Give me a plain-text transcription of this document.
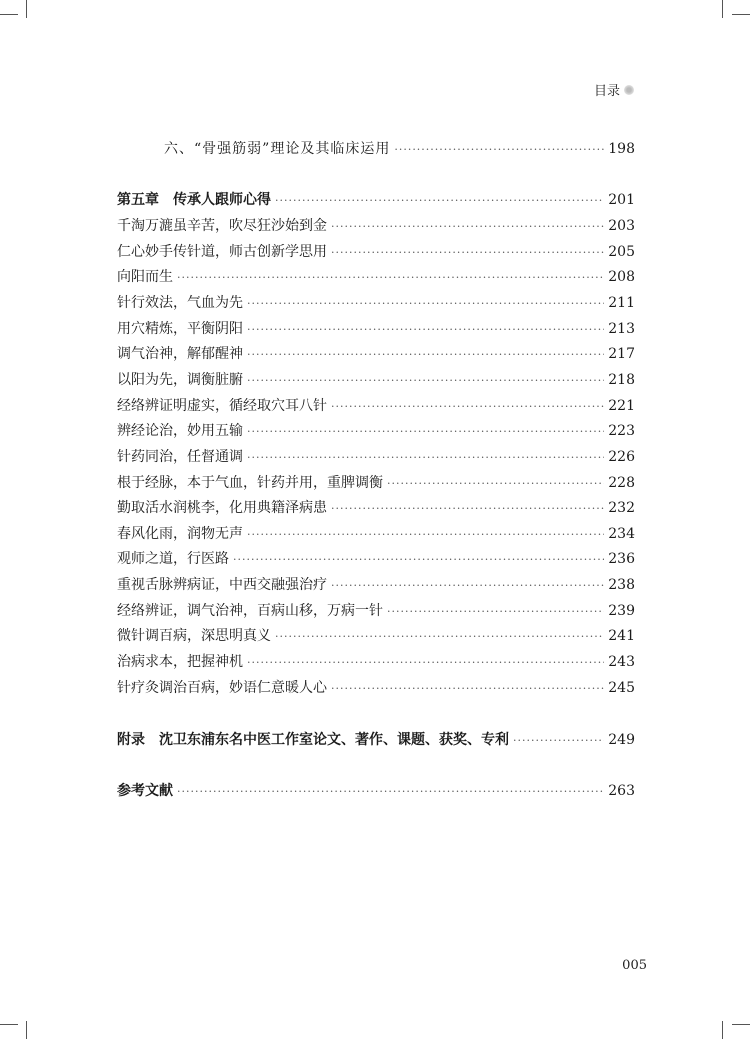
目录
六、“骨强筋弱”理论及其临床运用 ·····	198
第五章　传承人跟师心得 ·····	201
千淘万漉虽辛苦，吹尽狂沙始到金 ·····	203
仁心妙手传针道，师古创新学思用 ·····	205
向阳而生 ·····	208
针行效法，气血为先 ·····	211
用穴精炼，平衡阴阳 ·····	213
调气治神，解郁醒神 ·····	217
以阳为先，调衡脏腑 ·····	218
经络辨证明虚实，循经取穴耳八针 ·····	221
辨经论治，妙用五输 ·····	223
针药同治，任督通调 ·····	226
根于经脉，本于气血，针药并用，重脾调衡 ·····	228
勤取活水润桃李，化用典籍泽病患 ·····	232
春风化雨，润物无声 ·····	234
观师之道，行医路 ·····	236
重视舌脉辨病证，中西交融强治疗 ·····	238
经络辨证，调气治神，百病山移，万病一针 ·····	239
微针调百病，深思明真义 ·····	241
治病求本，把握神机 ·····	243
针疗灸调治百病，妙语仁意暖人心 ·····	245
附录　沈卫东浦东名中医工作室论文、著作、课题、获奖、专利 ·····	249
参考文献 ·····	263
005
